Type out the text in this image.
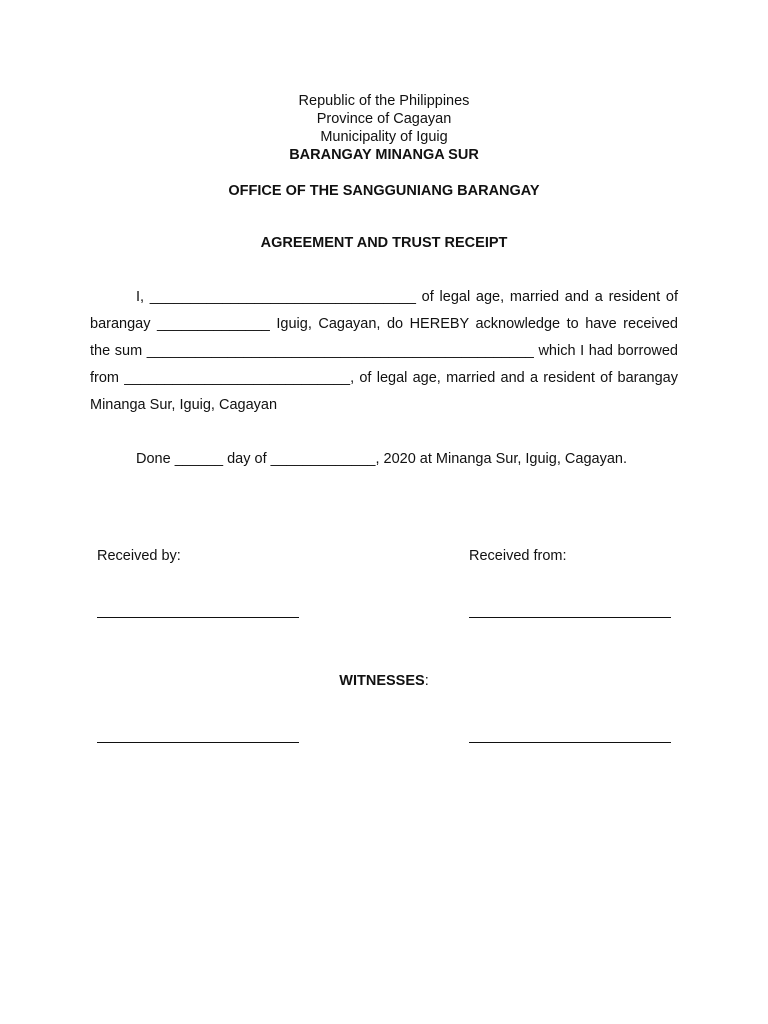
Republic of the Philippines
Province of Cagayan
Municipality of Iguig
BARANGAY MINANGA SUR
OFFICE OF THE SANGGUNIANG BARANGAY
AGREEMENT AND TRUST RECEIPT

I, _________________________________ of legal age, married and a resident of barangay ______________ Iguig, Cagayan, do HEREBY acknowledge to have received the sum ________________________________________________ which I had borrowed from ____________________________, of legal age, married and a resident of barangay Minanga Sur, Iguig, Cagayan

Done ______ day of _____________, 2020 at Minanga Sur, Iguig, Cagayan.
Received by:	Received from:
WITNESSES:
